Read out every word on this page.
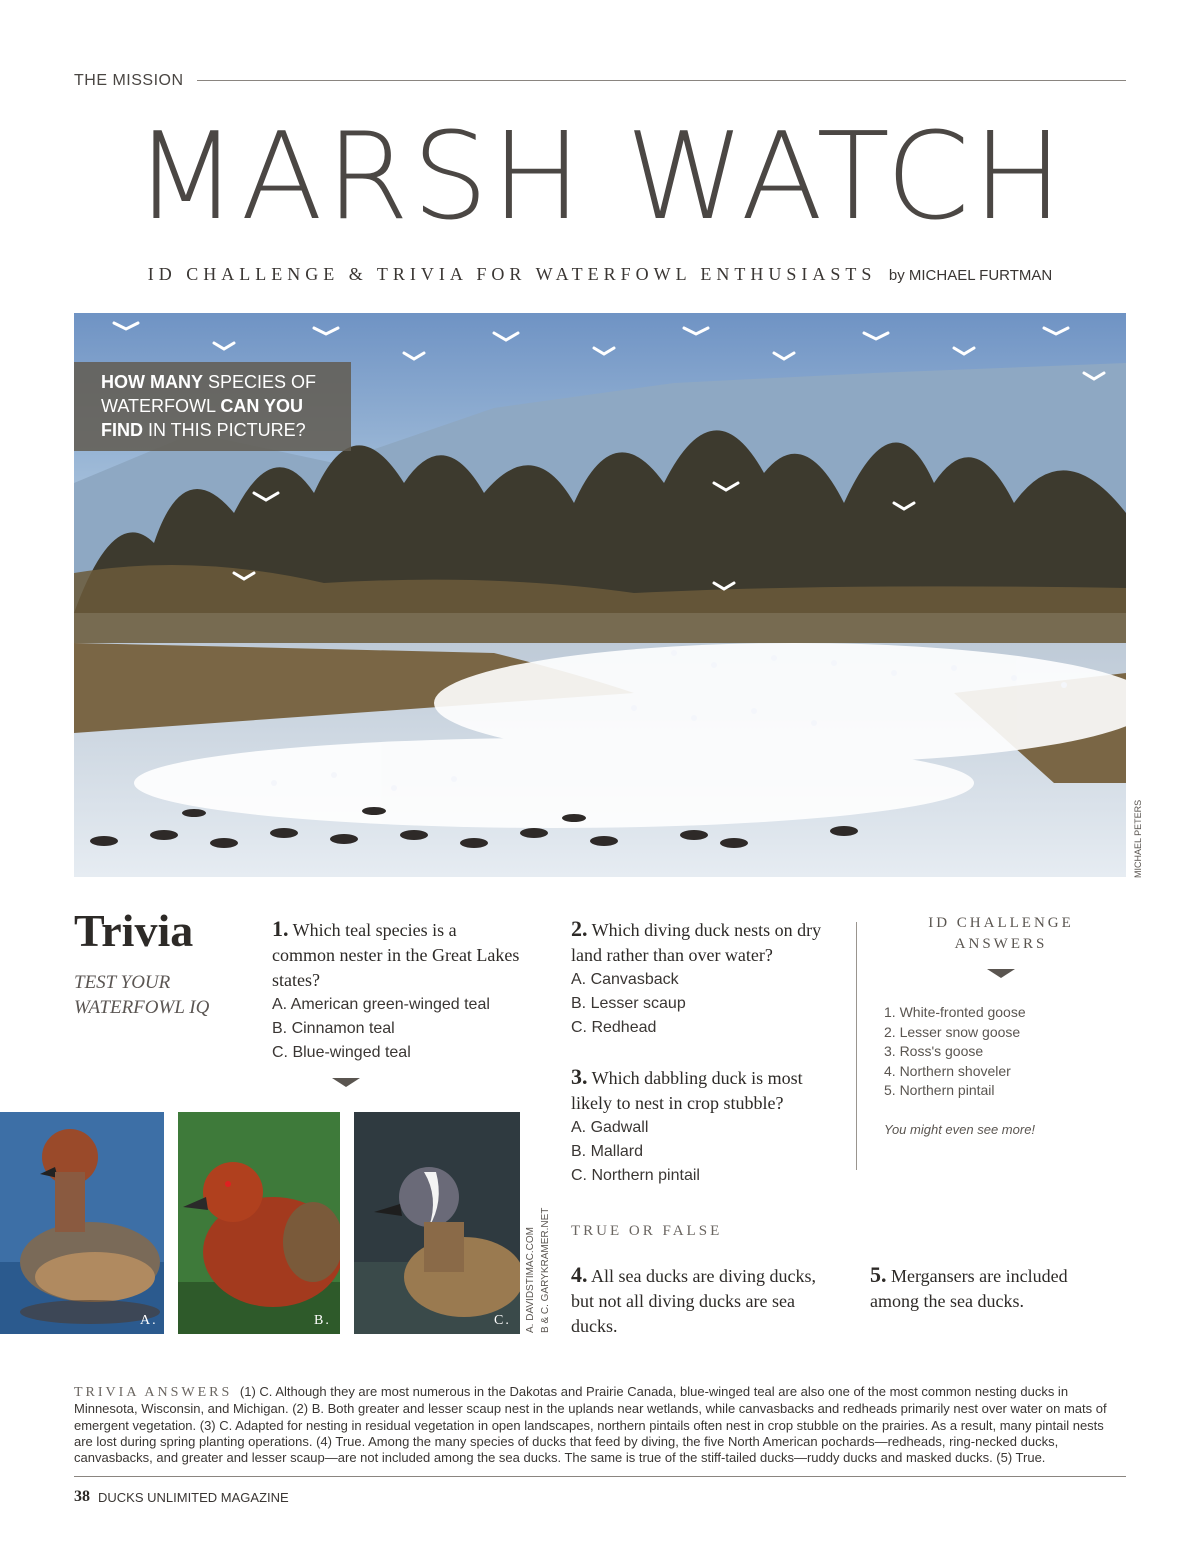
THE MISSION
MARSH WATCH
ID CHALLENGE & TRIVIA FOR WATERFOWL ENTHUSIASTS by MICHAEL FURTMAN
HOW MANY SPECIES OF
WATERFOWL CAN YOU
FIND IN THIS PICTURE?
MICHAEL PETERS
Trivia
TEST YOUR WATERFOWL IQ
1. Which teal species is a common nester in the Great Lakes states?
A. American green-winged teal
B. Cinnamon teal
C. Blue-winged teal
2. Which diving duck nests on dry land rather than over water?
A. Canvasback
B. Lesser scaup
C. Redhead
3. Which dabbling duck is most likely to nest in crop stubble?
A. Gadwall
B. Mallard
C. Northern pintail
ID CHALLENGE
ANSWERS
1. White-fronted goose
2. Lesser snow goose
3. Ross's goose
4. Northern shoveler
5. Northern pintail
You might even see more!
A.	B.	C. A. DAVIDSTIMAC.COM B & C. GARYKRAMER.NET TRUE OR FALSE
4. All sea ducks are diving ducks, but not all diving ducks are sea ducks.
5. Mergansers are included among the sea ducks.
TRIVIA ANSWERS (1) C. Although they are most numerous in the Dakotas and Prairie Canada, blue-winged teal are also one of the most common nesting ducks in Minnesota, Wisconsin, and Michigan. (2) B. Both greater and lesser scaup nest in the uplands near wetlands, while canvasbacks and redheads primarily nest over water on mats of emergent vegetation. (3) C. Adapted for nesting in residual vegetation in open landscapes, northern pintails often nest in crop stubble on the prairies. As a result, many pintail nests are lost during spring planting operations. (4) True. Among the many species of ducks that feed by diving, the five North American pochards—redheads, ring-necked ducks, canvasbacks, and greater and lesser scaup—are not included among the sea ducks. The same is true of the stiff-tailed ducks—ruddy ducks and masked ducks. (5) True.
38 DUCKS UNLIMITED MAGAZINE
